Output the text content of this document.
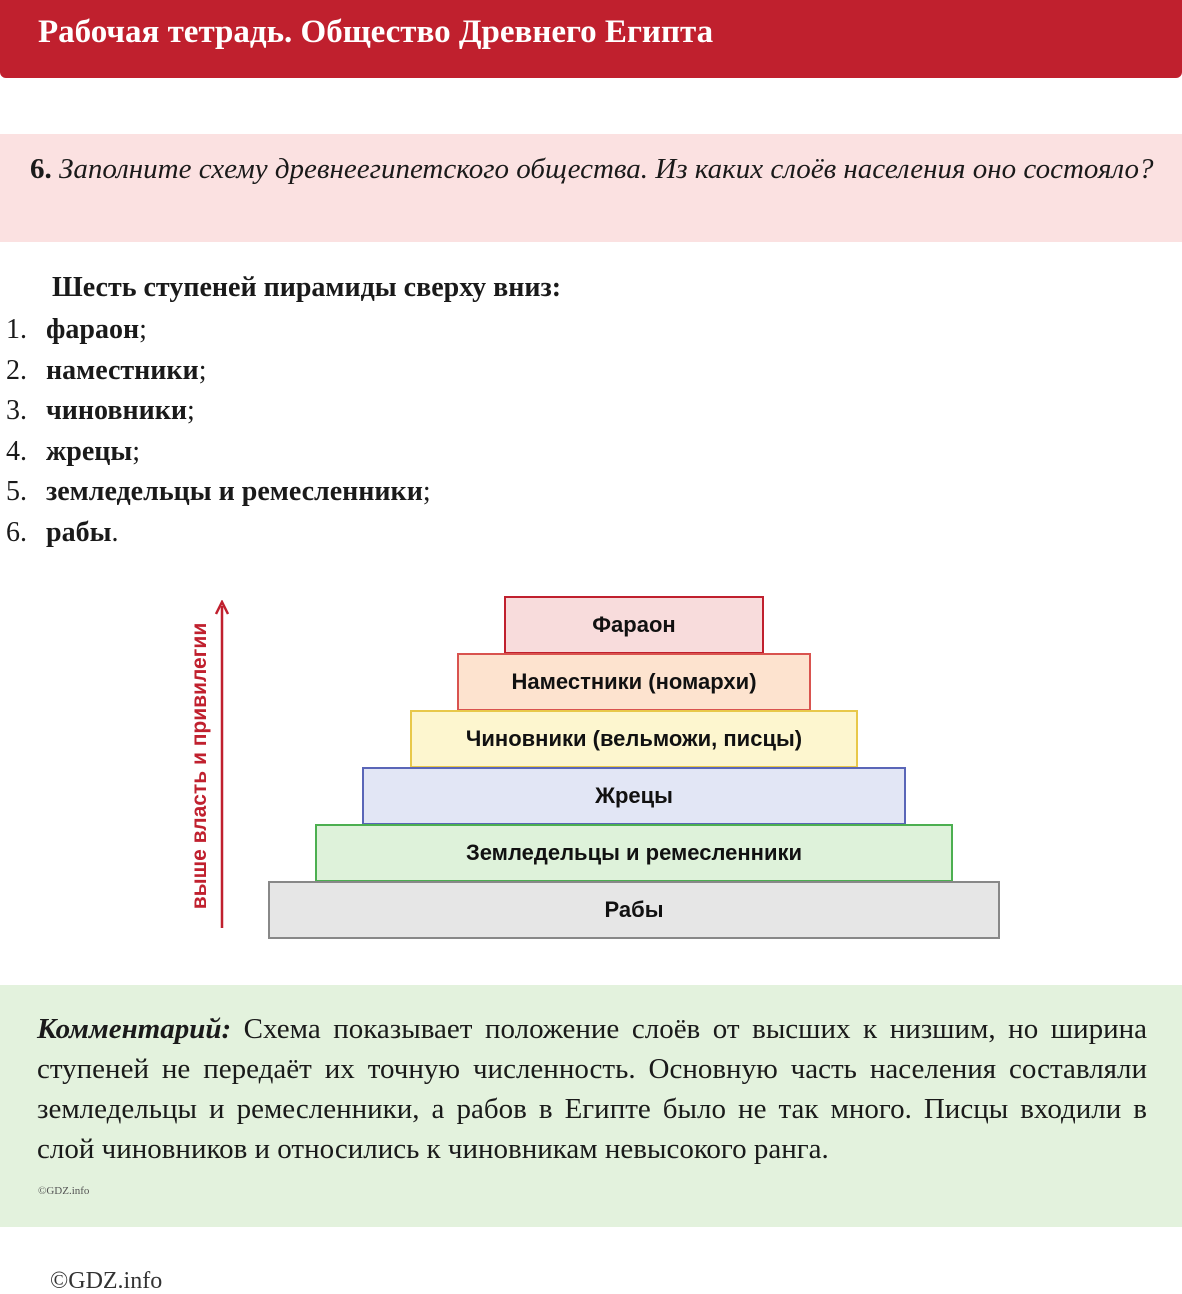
Рабочая тетрадь. Общество Древнего Египта
6. Заполните схему древнеегипетского общества. Из каких слоёв населения оно состояло?
Шесть ступеней пирамиды сверху вниз:
1. фараон;
2. наместники;
3. чиновники;
4. жрецы;
5. земледельцы и ремесленники;
6. рабы.
выше власть и привилегии	Фараон
Наместники (номархи)
Чиновники (вельможи, писцы)
Жрецы
Земледельцы и ремесленники
Рабы
Комментарий: Схема показывает положение слоёв от высших к низшим, но ширина ступеней не передаёт их точную численность. Основную часть населения составляли земледельцы и ремесленники, а рабов в Египте было не так много. Писцы входили в слой чиновников и относились к чиновникам невысокого ранга.
©GDZ.info
©GDZ.info
